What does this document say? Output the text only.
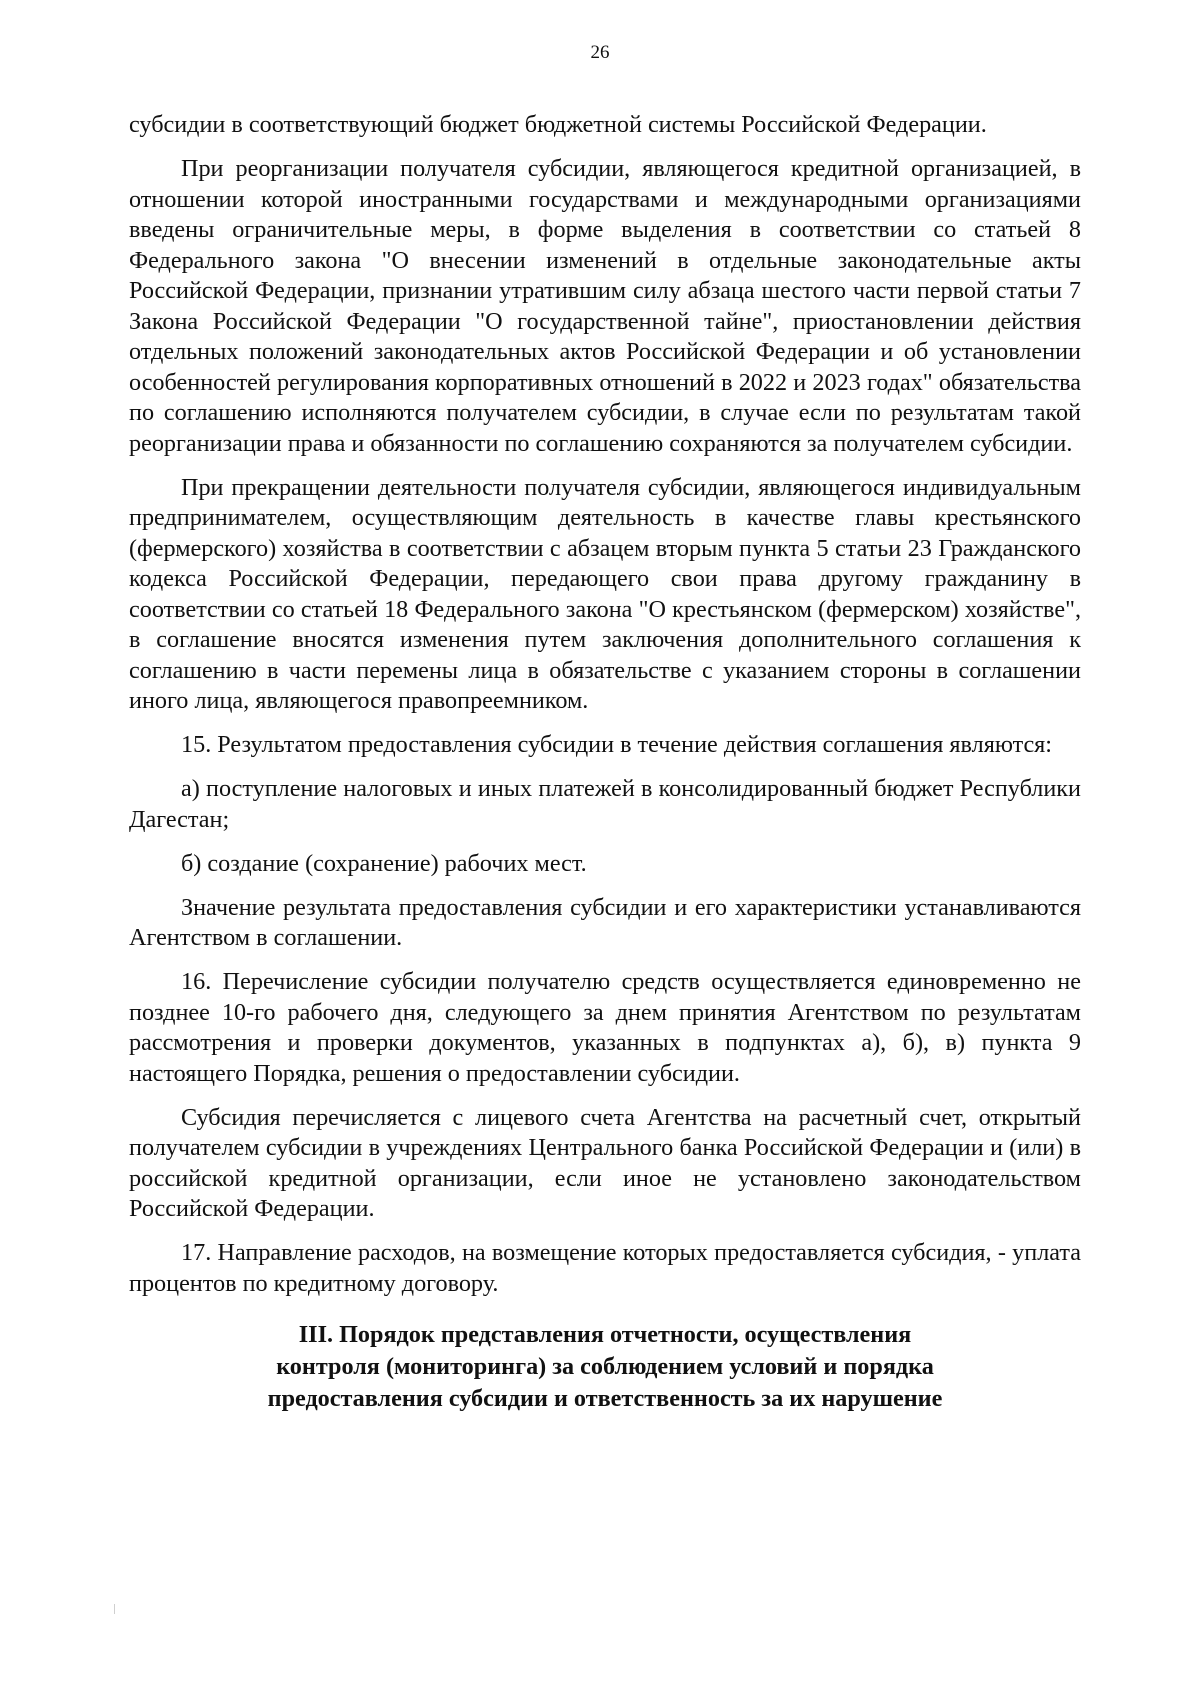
26

субсидии в соответствующий бюджет бюджетной системы Российской Федерации.

При реорганизации получателя субсидии, являющегося кредитной организацией, в отношении которой иностранными государствами и международными организациями введены ограничительные меры, в форме выделения в соответствии со статьей 8 Федерального закона "О внесении изменений в отдельные законодательные акты Российской Федерации, признании утратившим силу абзаца шестого части первой статьи 7 Закона Российской Федерации "О государственной тайне", приостановлении действия отдельных положений законодательных актов Российской Федерации и об установлении особенностей регулирования корпоративных отношений в 2022 и 2023 годах" обязательства по соглашению исполняются получателем субсидии, в случае если по результатам такой реорганизации права и обязанности по соглашению сохраняются за получателем субсидии.

При прекращении деятельности получателя субсидии, являющегося индивидуальным предпринимателем, осуществляющим деятельность в качестве главы крестьянского (фермерского) хозяйства в соответствии с абзацем вторым пункта 5 статьи 23 Гражданского кодекса Российской Федерации, передающего свои права другому гражданину в соответствии со статьей 18 Федерального закона "О крестьянском (фермерском) хозяйстве", в соглашение вносятся изменения путем заключения дополнительного соглашения к соглашению в части перемены лица в обязательстве с указанием стороны в соглашении иного лица, являющегося правопреемником.

15. Результатом предоставления субсидии в течение действия соглашения являются:

а) поступление налоговых и иных платежей в консолидированный бюджет Республики Дагестан;

б) создание (сохранение) рабочих мест.

Значение результата предоставления субсидии и его характеристики устанавливаются Агентством в соглашении.

16. Перечисление субсидии получателю средств осуществляется единовременно не позднее 10-го рабочего дня, следующего за днем принятия Агентством по результатам рассмотрения и проверки документов, указанных в подпунктах а), б), в) пункта 9 настоящего Порядка, решения о предоставлении субсидии.

Субсидия перечисляется с лицевого счета Агентства на расчетный счет, открытый получателем субсидии в учреждениях Центрального банка Российской Федерации и (или) в российской кредитной организации, если иное не установлено законодательством Российской Федерации.

17. Направление расходов, на возмещение которых предоставляется субсидия, - уплата процентов по кредитному договору.

III. Порядок представления отчетности, осуществления
контроля (мониторинга) за соблюдением условий и порядка
предоставления субсидии и ответственность за их нарушение
